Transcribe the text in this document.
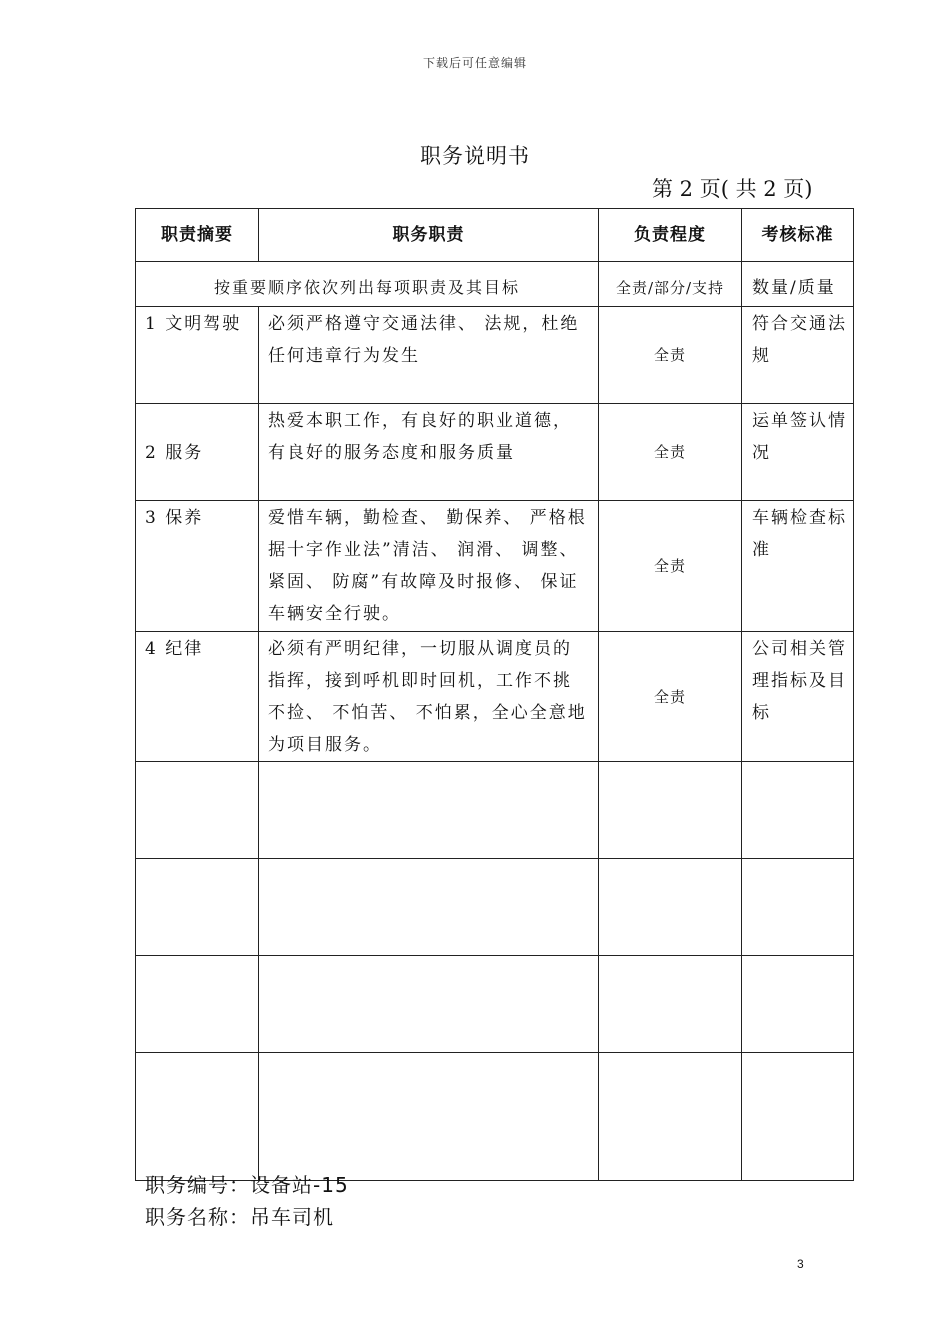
下载后可任意编辑
职务说明书
第 2 页( 共 2 页)
职责摘要	职务职责	负责程度	考核标准
按重要顺序依次列出每项职责及其目标		全责/部分/支持	数量/质量
1 文明驾驶	必须严格遵守交通法律、 法规，杜绝任何违章行为发生	全责	符合交通法规
2 服务	热爱本职工作，有良好的职业道德，有良好的服务态度和服务质量	全责	运单签认情况
3 保养	爱惜车辆，勤检查、 勤保养、 严格根据十字作业法”清洁、 润滑、 调整、 紧固、 防腐”有故障及时报修、 保证车辆安全行驶。	全责	车辆检查标准
4 纪律	必须有严明纪律，一切服从调度员的指挥，接到呼机即时回机，工作不挑不捡、 不怕苦、 不怕累，全心全意地为项目服务。	全责	公司相关管理指标及目标

职务编号：设备站-15
职务名称：吊车司机
3
